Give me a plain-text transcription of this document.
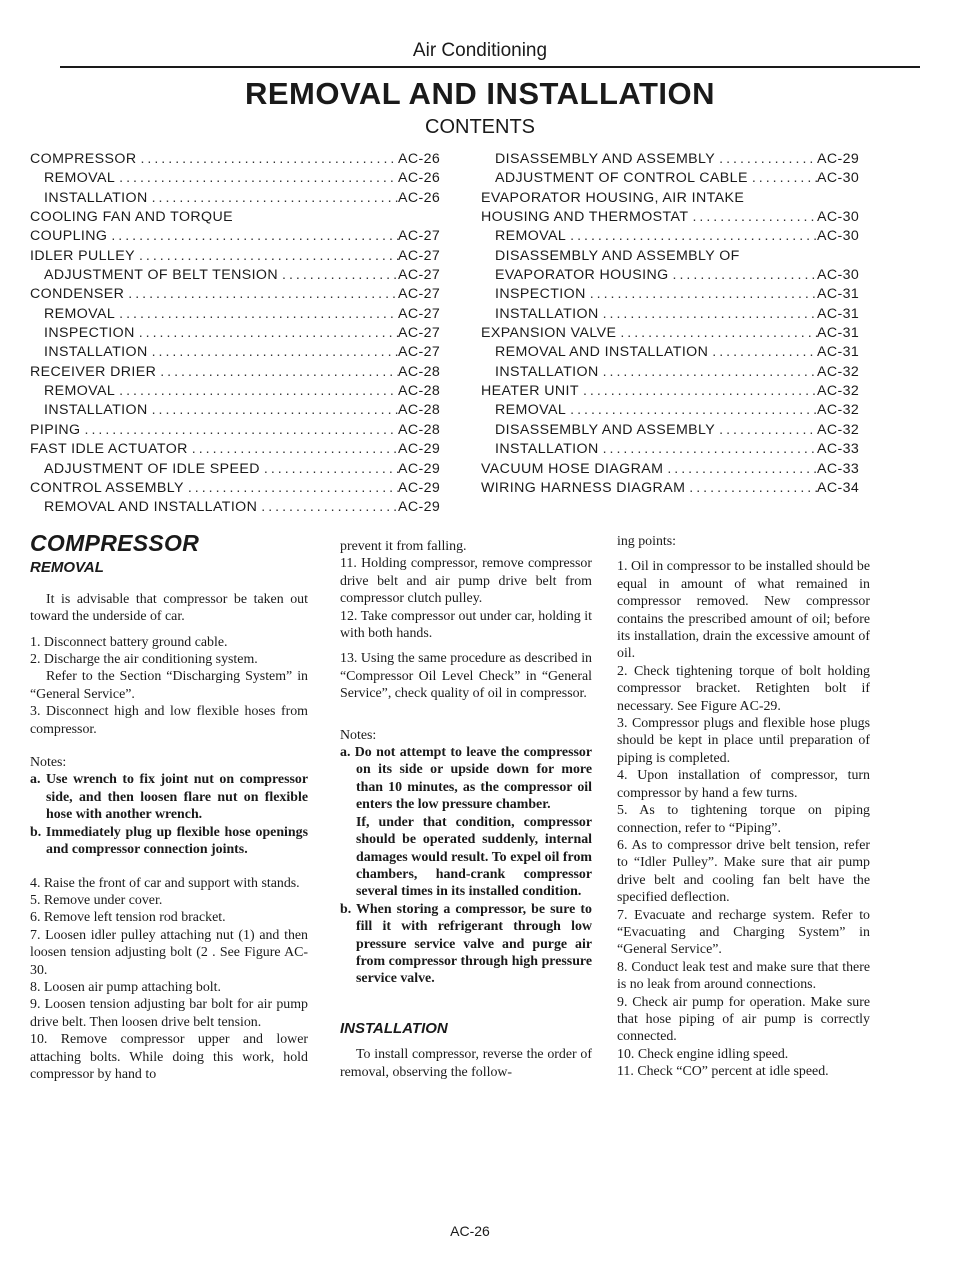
Air Conditioning
REMOVAL AND INSTALLATION
CONTENTS
COMPRESSOR .....	AC-26
REMOVAL .....	AC-26
INSTALLATION .....	AC-26
COOLING FAN AND TORQUE
COUPLING .....	AC-27
IDLER PULLEY .....	AC-27
ADJUSTMENT OF BELT TENSION .....	AC-27
CONDENSER .....	AC-27
REMOVAL .....	AC-27
INSPECTION .....	AC-27
INSTALLATION .....	AC-27
RECEIVER DRIER .....	AC-28
REMOVAL .....	AC-28
INSTALLATION .....	AC-28
PIPING .....	AC-28
FAST IDLE ACTUATOR .....	AC-29
ADJUSTMENT OF IDLE SPEED .....	AC-29
CONTROL ASSEMBLY .....	AC-29
REMOVAL AND INSTALLATION .....	AC-29
DISASSEMBLY AND ASSEMBLY .....	AC-29
ADJUSTMENT OF CONTROL CABLE .....	AC-30
EVAPORATOR HOUSING, AIR INTAKE
HOUSING AND THERMOSTAT .....	AC-30
REMOVAL .....	AC-30
DISASSEMBLY AND ASSEMBLY OF
EVAPORATOR HOUSING .....	AC-30
INSPECTION .....	AC-31
INSTALLATION .....	AC-31
EXPANSION VALVE .....	AC-31
REMOVAL AND INSTALLATION .....	AC-31
INSTALLATION .....	AC-32
HEATER UNIT .....	AC-32
REMOVAL .....	AC-32
DISASSEMBLY AND ASSEMBLY .....	AC-32
INSTALLATION .....	AC-33
VACUUM HOSE DIAGRAM .....	AC-33
WIRING HARNESS DIAGRAM .....	AC-34
COMPRESSOR
REMOVAL

It is advisable that compressor be taken out toward the underside of car.

1. Disconnect battery ground cable.

2. Discharge the air conditioning system.

Refer to the Section “Discharging System” in “General Service”.

3. Disconnect high and low flexible hoses from compressor.

Notes:

a. Use wrench to fix joint nut on compressor side, and then loosen flare nut on flexible hose with another wrench.

b. Immediately plug up flexible hose openings and compressor connection joints.

4. Raise the front of car and support with stands.

5. Remove under cover.

6. Remove left tension rod bracket.

7. Loosen idler pulley attaching nut (1) and then loosen tension adjusting bolt (2 . See Figure AC-30.

8. Loosen air pump attaching bolt.

9. Loosen tension adjusting bar bolt for air pump drive belt. Then loosen drive belt tension.

10. Remove compressor upper and lower attaching bolts. While doing this work, hold compressor by hand to

prevent it from falling.

11. Holding compressor, remove compressor drive belt and air pump drive belt from compressor clutch pulley.

12. Take compressor out under car, holding it with both hands.

13. Using the same procedure as described in “Compressor Oil Level Check” in “General Service”, check quality of oil in compressor.

Notes:

a. Do not attempt to leave the compressor on its side or upside down for more than 10 minutes, as the compressor oil enters the low pressure chamber.

If, under that condition, compressor should be operated suddenly, internal damages would result. To expel oil from chambers, hand-crank compressor several times in its installed condition.

b. When storing a compressor, be sure to fill it with refrigerant through low pressure service valve and purge air from compressor through high pressure service valve.

INSTALLATION

To install compressor, reverse the order of removal, observing the follow-

ing points:

1. Oil in compressor to be installed should be equal in amount of what remained in compressor removed. New compressor contains the prescribed amount of oil; before its installation, drain the excessive amount of oil.

2. Check tightening torque of bolt holding compressor bracket. Retighten bolt if necessary. See Figure AC-29.

3. Compressor plugs and flexible hose plugs should be kept in place until preparation of piping is completed.

4. Upon installation of compressor, turn compressor by hand a few turns.

5. As to tightening torque on piping connection, refer to “Piping”.

6. As to compressor drive belt tension, refer to “Idler Pulley”. Make sure that air pump drive belt and cooling fan belt have the specified deflection.

7. Evacuate and recharge system. Refer to “Evacuating and Charging System” in “General Service”.

8. Conduct leak test and make sure that there is no leak from around connections.

9. Check air pump for operation. Make sure that hose piping of air pump is correctly connected.

10. Check engine idling speed.

11. Check “CO” percent at idle speed.

AC-26
